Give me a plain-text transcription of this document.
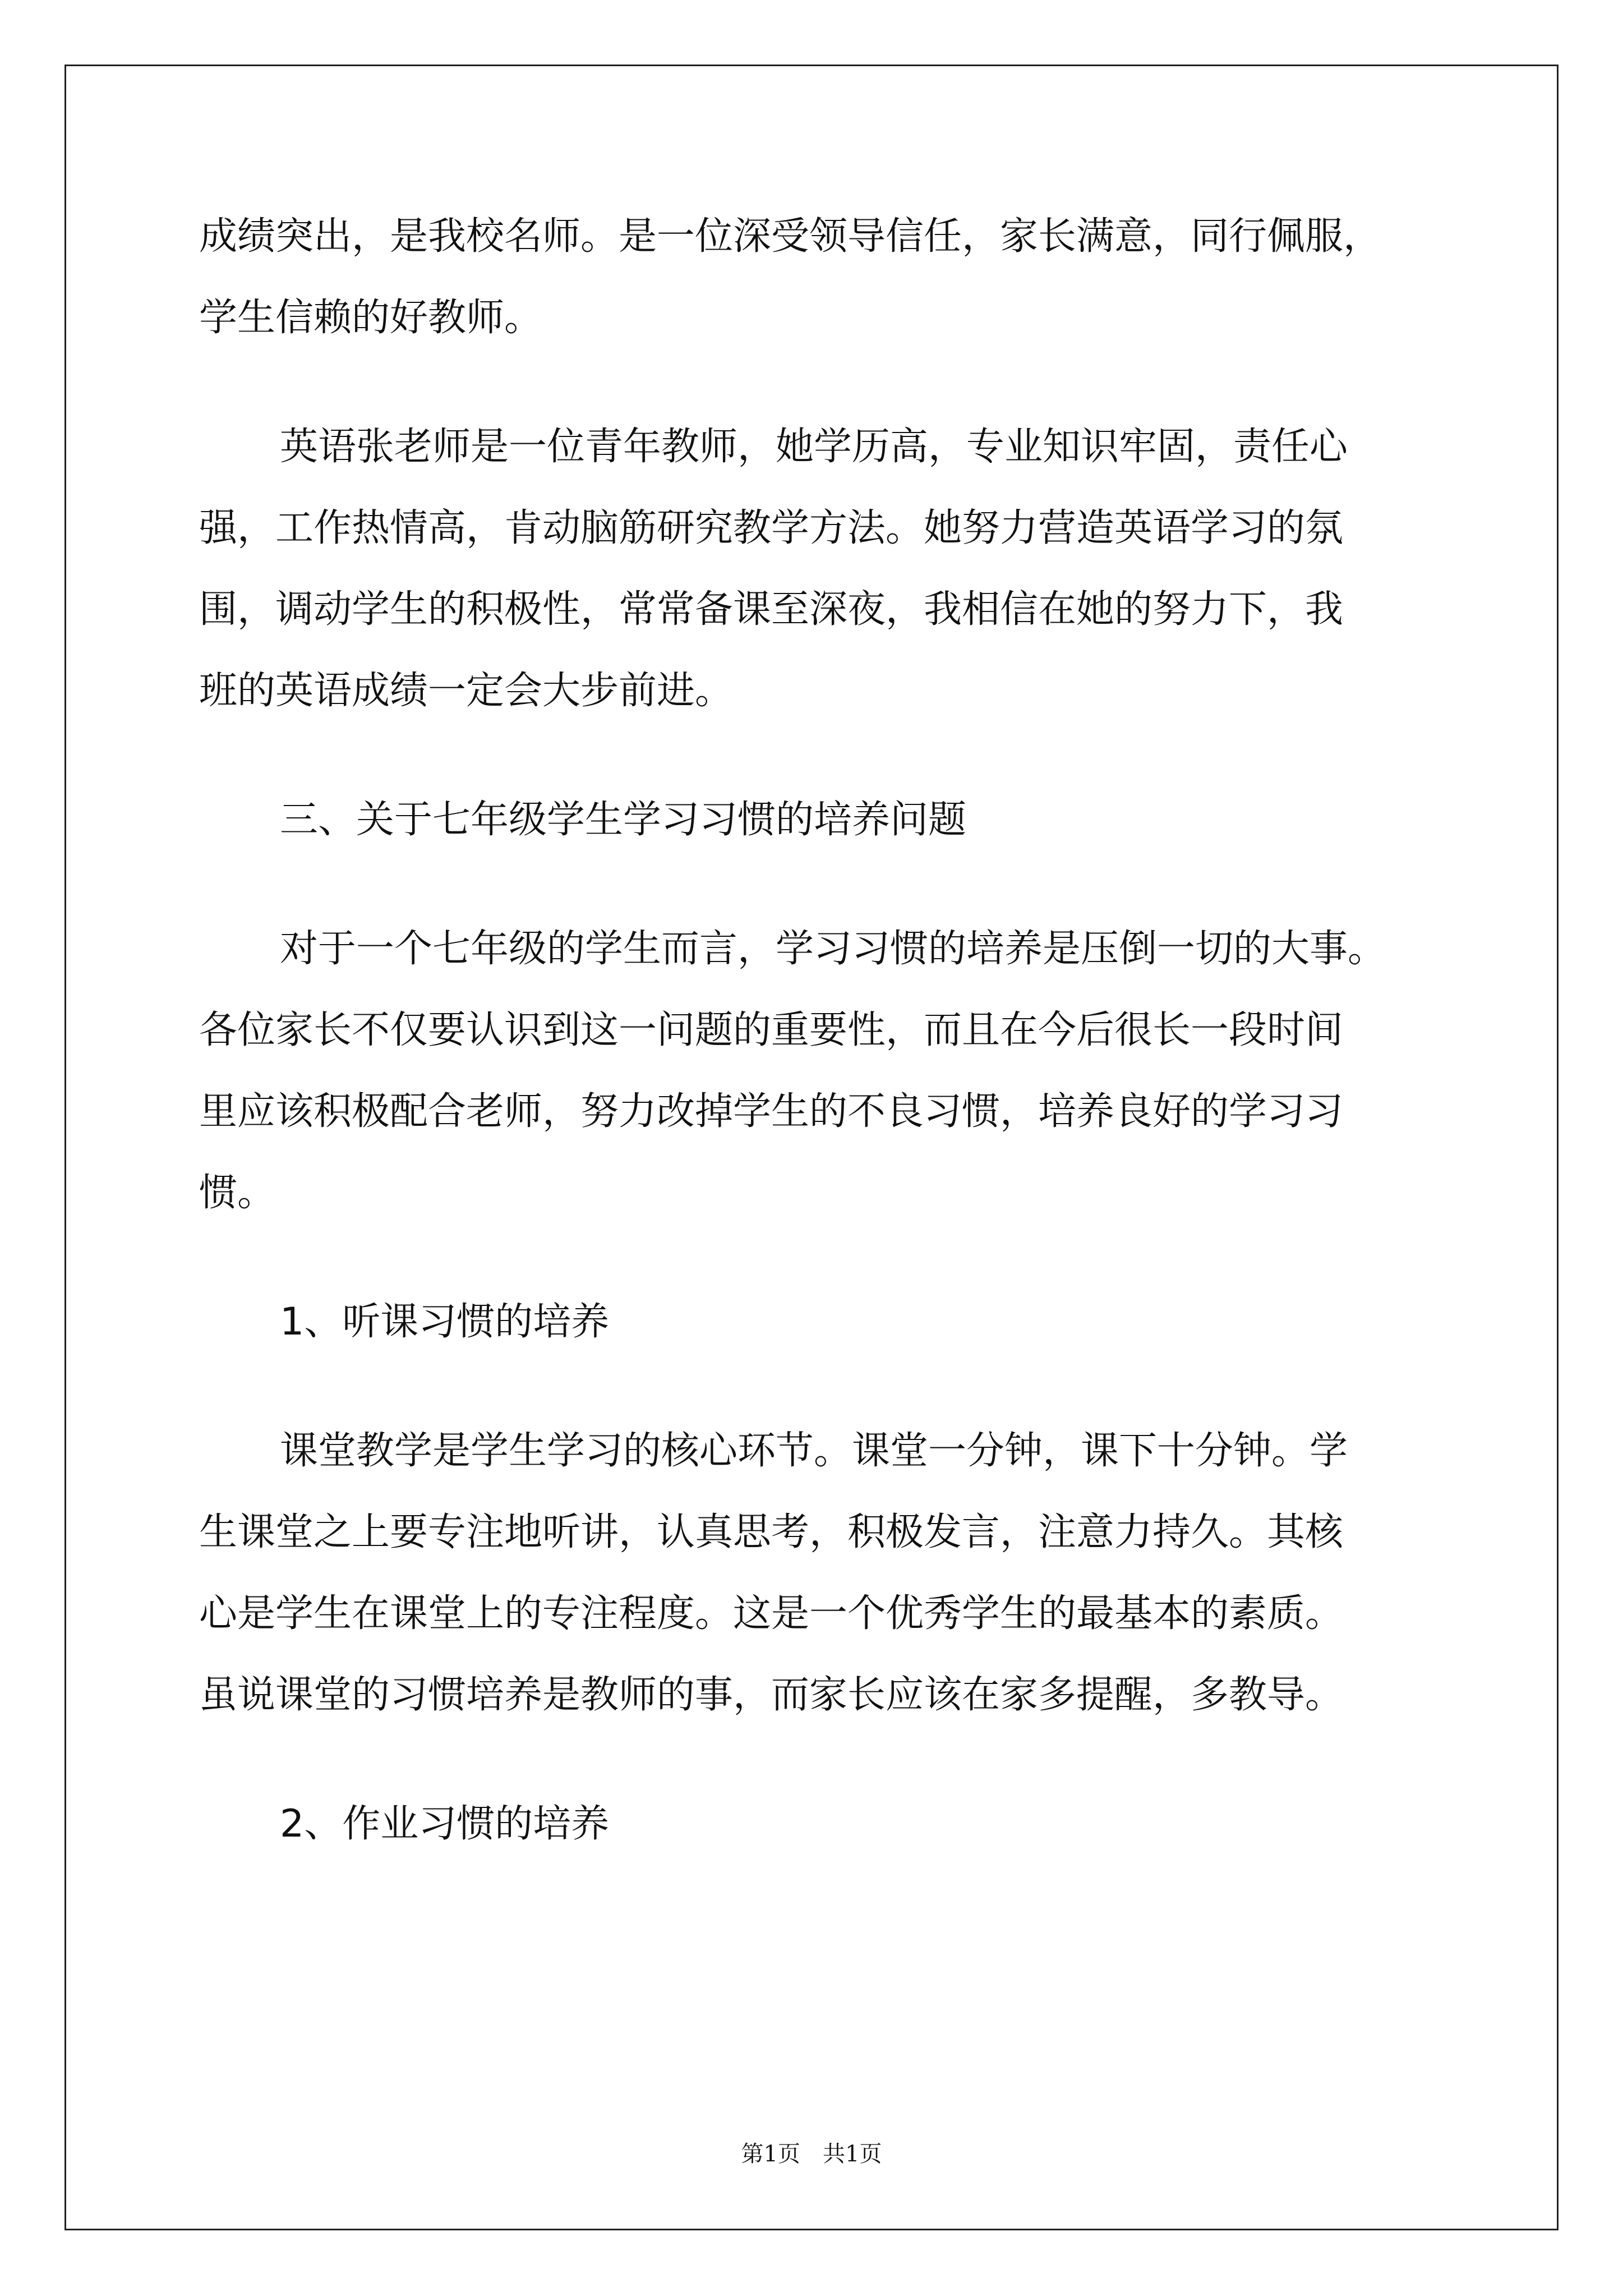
成绩突出，是我校名师。是一位深受领导信任，家长满意，同行佩服，
学生信赖的好教师。
英语张老师是一位青年教师，她学历高，专业知识牢固，责任心
强，工作热情高，肯动脑筋研究教学方法。她努力营造英语学习的氛
围，调动学生的积极性，常常备课至深夜，我相信在她的努力下，我
班的英语成绩一定会大步前进。
三、关于七年级学生学习习惯的培养问题
对于一个七年级的学生而言，学习习惯的培养是压倒一切的大事。
各位家长不仅要认识到这一问题的重要性，而且在今后很长一段时间
里应该积极配合老师，努力改掉学生的不良习惯，培养良好的学习习
惯。
1、听课习惯的培养
课堂教学是学生学习的核心环节。课堂一分钟，课下十分钟。学
生课堂之上要专注地听讲，认真思考，积极发言，注意力持久。其核
心是学生在课堂上的专注程度。这是一个优秀学生的最基本的素质。
虽说课堂的习惯培养是教师的事，而家长应该在家多提醒，多教导。
2、作业习惯的培养
第1页　共1页
